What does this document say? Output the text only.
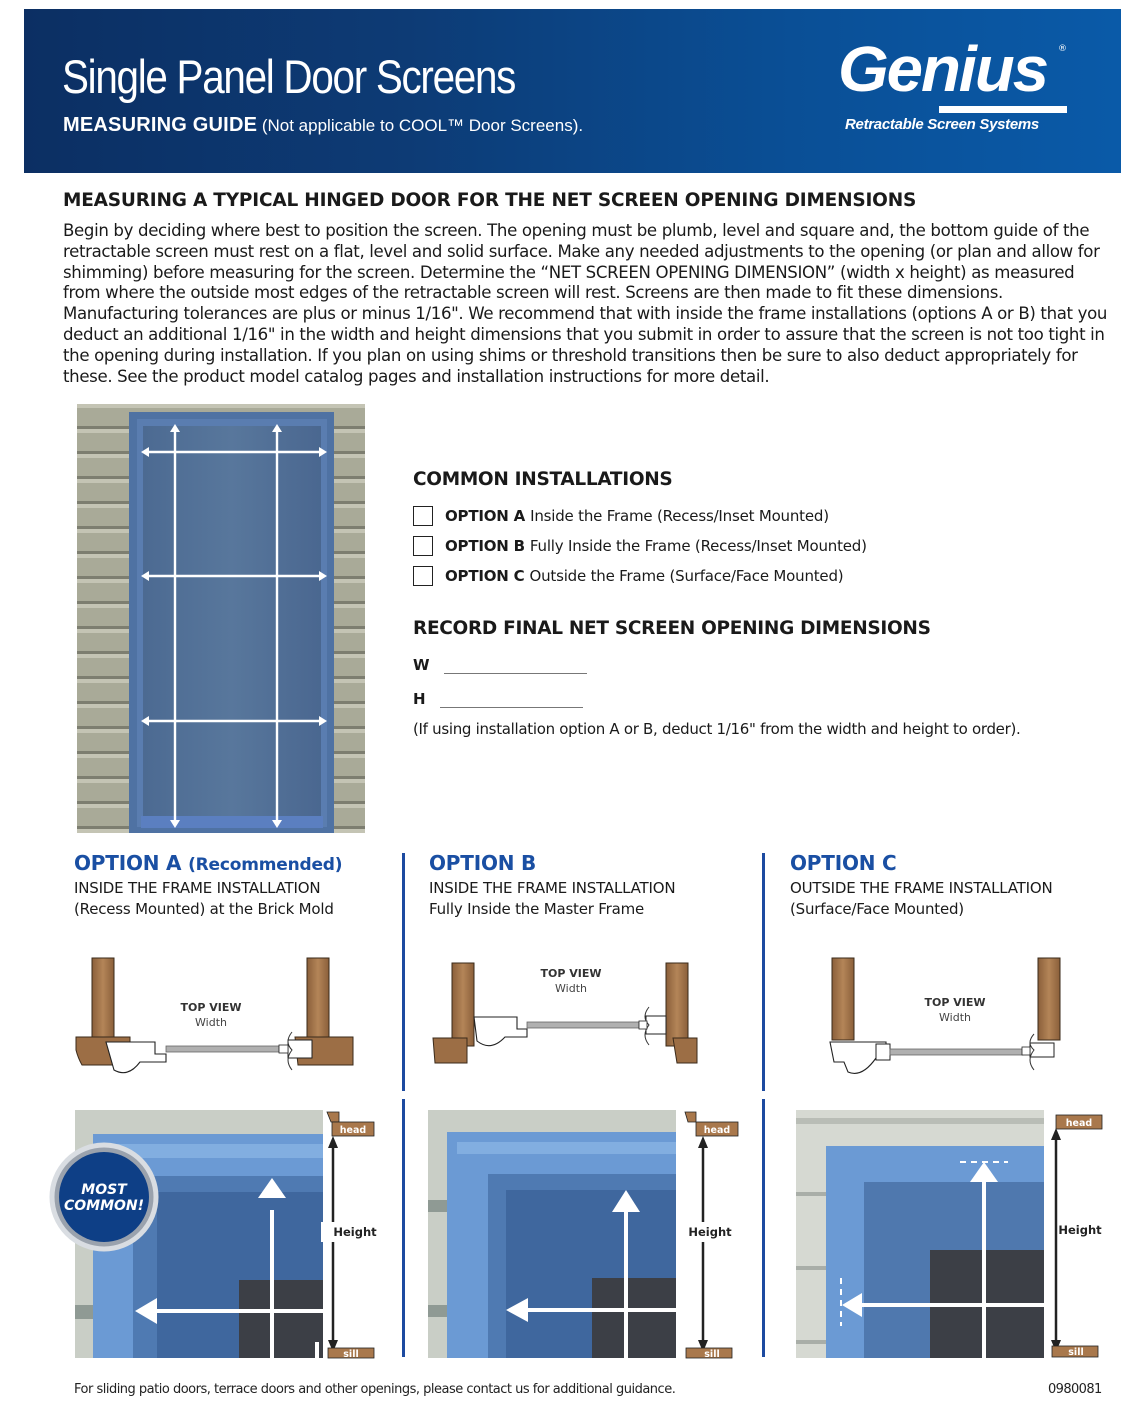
Single Panel Door Screens
MEASURING GUIDE (Not applicable to COOL™ Door Screens).
Genius ®
Retractable Screen Systems
MEASURING A TYPICAL HINGED DOOR FOR THE NET SCREEN OPENING DIMENSIONS
Begin by deciding where best to position the screen. The opening must be plumb, level and square and, the bottom guide of the retractable screen must rest on a flat, level and solid surface. Make any needed adjustments to the opening (or plan and allow for shimming) before measuring for the screen. Determine the “NET SCREEN OPENING DIMENSION” (width x height) as measured from where the outside most edges of the retractable screen will rest. Screens are then made to fit these dimensions. Manufacturing tolerances are plus or minus 1/16". We recommend that with inside the frame installations (options A or B) that you deduct an additional 1/16" in the width and height dimensions that you submit in order to assure that the screen is not too tight in the opening during installation. If you plan on using shims or threshold transitions then be sure to also deduct appropriately for these. See the product model catalog pages and installation instructions for more detail.
COMMON INSTALLATIONS
OPTION A Inside the Frame (Recess/Inset Mounted)
OPTION B Fully Inside the Frame (Recess/Inset Mounted)
OPTION C Outside the Frame (Surface/Face Mounted)
RECORD FINAL NET SCREEN OPENING DIMENSIONS
W
H
(If using installation option A or B, deduct 1/16" from the width and height to order).
OPTION A (Recommended)
INSIDE THE FRAME INSTALLATION
(Recess Mounted) at the Brick Mold
OPTION B
INSIDE THE FRAME INSTALLATION
Fully Inside the Master Frame
OPTION C
OUTSIDE THE FRAME INSTALLATION
(Surface/Face Mounted)
TOP VIEW
Width
TOP VIEW
Width
TOP VIEW
Width
MOST
COMMON!
head
Height
sill
head
Height
sill
head
Height
sill
For sliding patio doors, terrace doors and other openings, please contact us for additional guidance.	0980081
